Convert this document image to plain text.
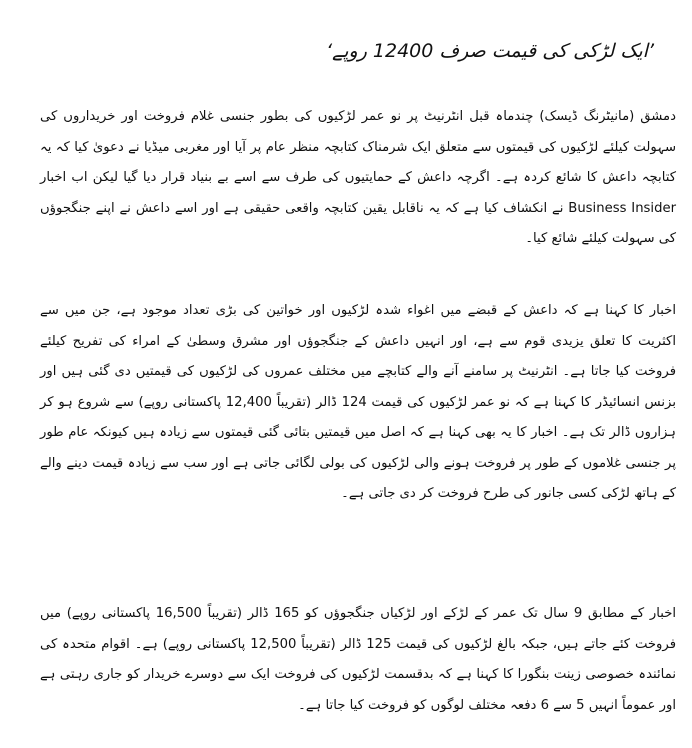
’ایک لڑکی کی قیمت صرف 12400 روپے‘

دمشق (مانیٹرنگ ڈیسک) چندماہ قبل انٹرنیٹ پر نو عمر لڑکیوں کی بطور جنسی غلام فروخت اور خریداروں کی سہولت کیلئے لڑکیوں کی قیمتوں سے متعلق ایک شرمناک کتابچہ منظر عام پر آیا اور مغربی میڈیا نے دعویٰ کیا کہ یہ کتابچہ داعش کا شائع کردہ ہے۔ اگرچہ داعش کے حمایتیوں کی طرف سے اسے بے بنیاد قرار دیا گیا لیکن اب اخبار Business Insider نے انکشاف کیا ہے کہ یہ ناقابل یقین کتابچہ واقعی حقیقی ہے اور اسے داعش نے اپنے جنگجوؤں کی سہولت کیلئے شائع کیا۔

اخبار کا کہنا ہے کہ داعش کے قبضے میں اغواء شدہ لڑکیوں اور خواتین کی بڑی تعداد موجود ہے، جن میں سے اکثریت کا تعلق یزیدی قوم سے ہے، اور انہیں داعش کے جنگجوؤں اور مشرق وسطیٰ کے امراء کی تفریح کیلئے فروخت کیا جاتا ہے۔ انٹرنیٹ پر سامنے آنے والے کتابچے میں مختلف عمروں کی لڑکیوں کی قیمتیں دی گئی ہیں اور بزنس انسائیڈر کا کہنا ہے کہ نو عمر لڑکیوں کی قیمت 124 ڈالر (تقریباً 12,400 پاکستانی روپے) سے شروع ہو کر ہزاروں ڈالر تک ہے۔ اخبار کا یہ بھی کہنا ہے کہ اصل میں قیمتیں بتائی گئی قیمتوں سے زیادہ ہیں کیونکہ عام طور پر جنسی غلاموں کے طور پر فروخت ہونے والی لڑکیوں کی بولی لگائی جاتی ہے اور سب سے زیادہ قیمت دینے والے کے ہاتھ لڑکی کسی جانور کی طرح فروخت کر دی جاتی ہے۔

اخبار کے مطابق 9 سال تک عمر کے لڑکے اور لڑکیاں جنگجوؤں کو 165 ڈالر (تقریباً 16,500 پاکستانی روپے) میں فروخت کئے جاتے ہیں، جبکہ بالغ لڑکیوں کی قیمت 125 ڈالر (تقریباً 12,500 پاکستانی روپے) ہے۔ اقوام متحدہ کی نمائندہ خصوصی زینت بنگورا کا کہنا ہے کہ بدقسمت لڑکیوں کی فروخت ایک سے دوسرے خریدار کو جاری رہتی ہے اور عموماً انہیں 5 سے 6 دفعہ مختلف لوگوں کو فروخت کیا جاتا ہے۔
